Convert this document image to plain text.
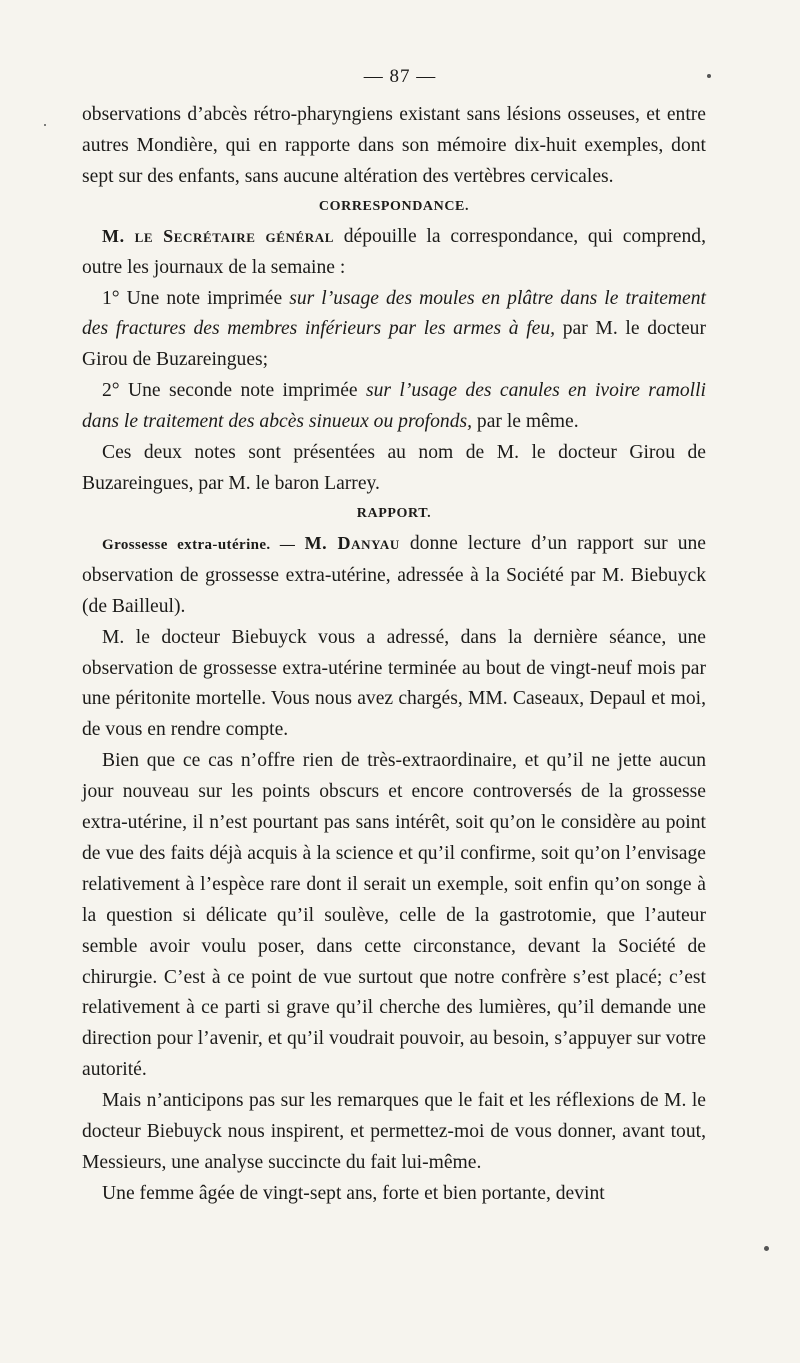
— 87 —

observations d’abcès rétro-pharyngiens existant sans lésions osseuses, et entre autres Mondière, qui en rapporte dans son mémoire dix-huit exemples, dont sept sur des enfants, sans aucune altération des vertèbres cervicales.

CORRESPONDANCE.

M. le Secrétaire général dépouille la correspondance, qui comprend, outre les journaux de la semaine :

1° Une note imprimée sur l’usage des moules en plâtre dans le traitement des fractures des membres inférieurs par les armes à feu, par M. le docteur Girou de Buzareingues;

2° Une seconde note imprimée sur l’usage des canules en ivoire ramolli dans le traitement des abcès sinueux ou profonds, par le même.

Ces deux notes sont présentées au nom de M. le docteur Girou de Buzareingues, par M. le baron Larrey.

RAPPORT.

Grossesse extra-utérine. — M. Danyau donne lecture d’un rapport sur une observation de grossesse extra-utérine, adressée à la Société par M. Biebuyck (de Bailleul).

M. le docteur Biebuyck vous a adressé, dans la dernière séance, une observation de grossesse extra-utérine terminée au bout de vingt-neuf mois par une péritonite mortelle. Vous nous avez chargés, MM. Caseaux, Depaul et moi, de vous en rendre compte.

Bien que ce cas n’offre rien de très-extraordinaire, et qu’il ne jette aucun jour nouveau sur les points obscurs et encore controversés de la grossesse extra-utérine, il n’est pourtant pas sans intérêt, soit qu’on le considère au point de vue des faits déjà acquis à la science et qu’il confirme, soit qu’on l’envisage relativement à l’espèce rare dont il serait un exemple, soit enfin qu’on songe à la question si délicate qu’il soulève, celle de la gastrotomie, que l’auteur semble avoir voulu poser, dans cette circonstance, devant la Société de chirurgie. C’est à ce point de vue surtout que notre confrère s’est placé; c’est relativement à ce parti si grave qu’il cherche des lumières, qu’il demande une direction pour l’avenir, et qu’il voudrait pouvoir, au besoin, s’appuyer sur votre autorité.

Mais n’anticipons pas sur les remarques que le fait et les réflexions de M. le docteur Biebuyck nous inspirent, et permettez-moi de vous donner, avant tout, Messieurs, une analyse succincte du fait lui-même.

Une femme âgée de vingt-sept ans, forte et bien portante, devint
